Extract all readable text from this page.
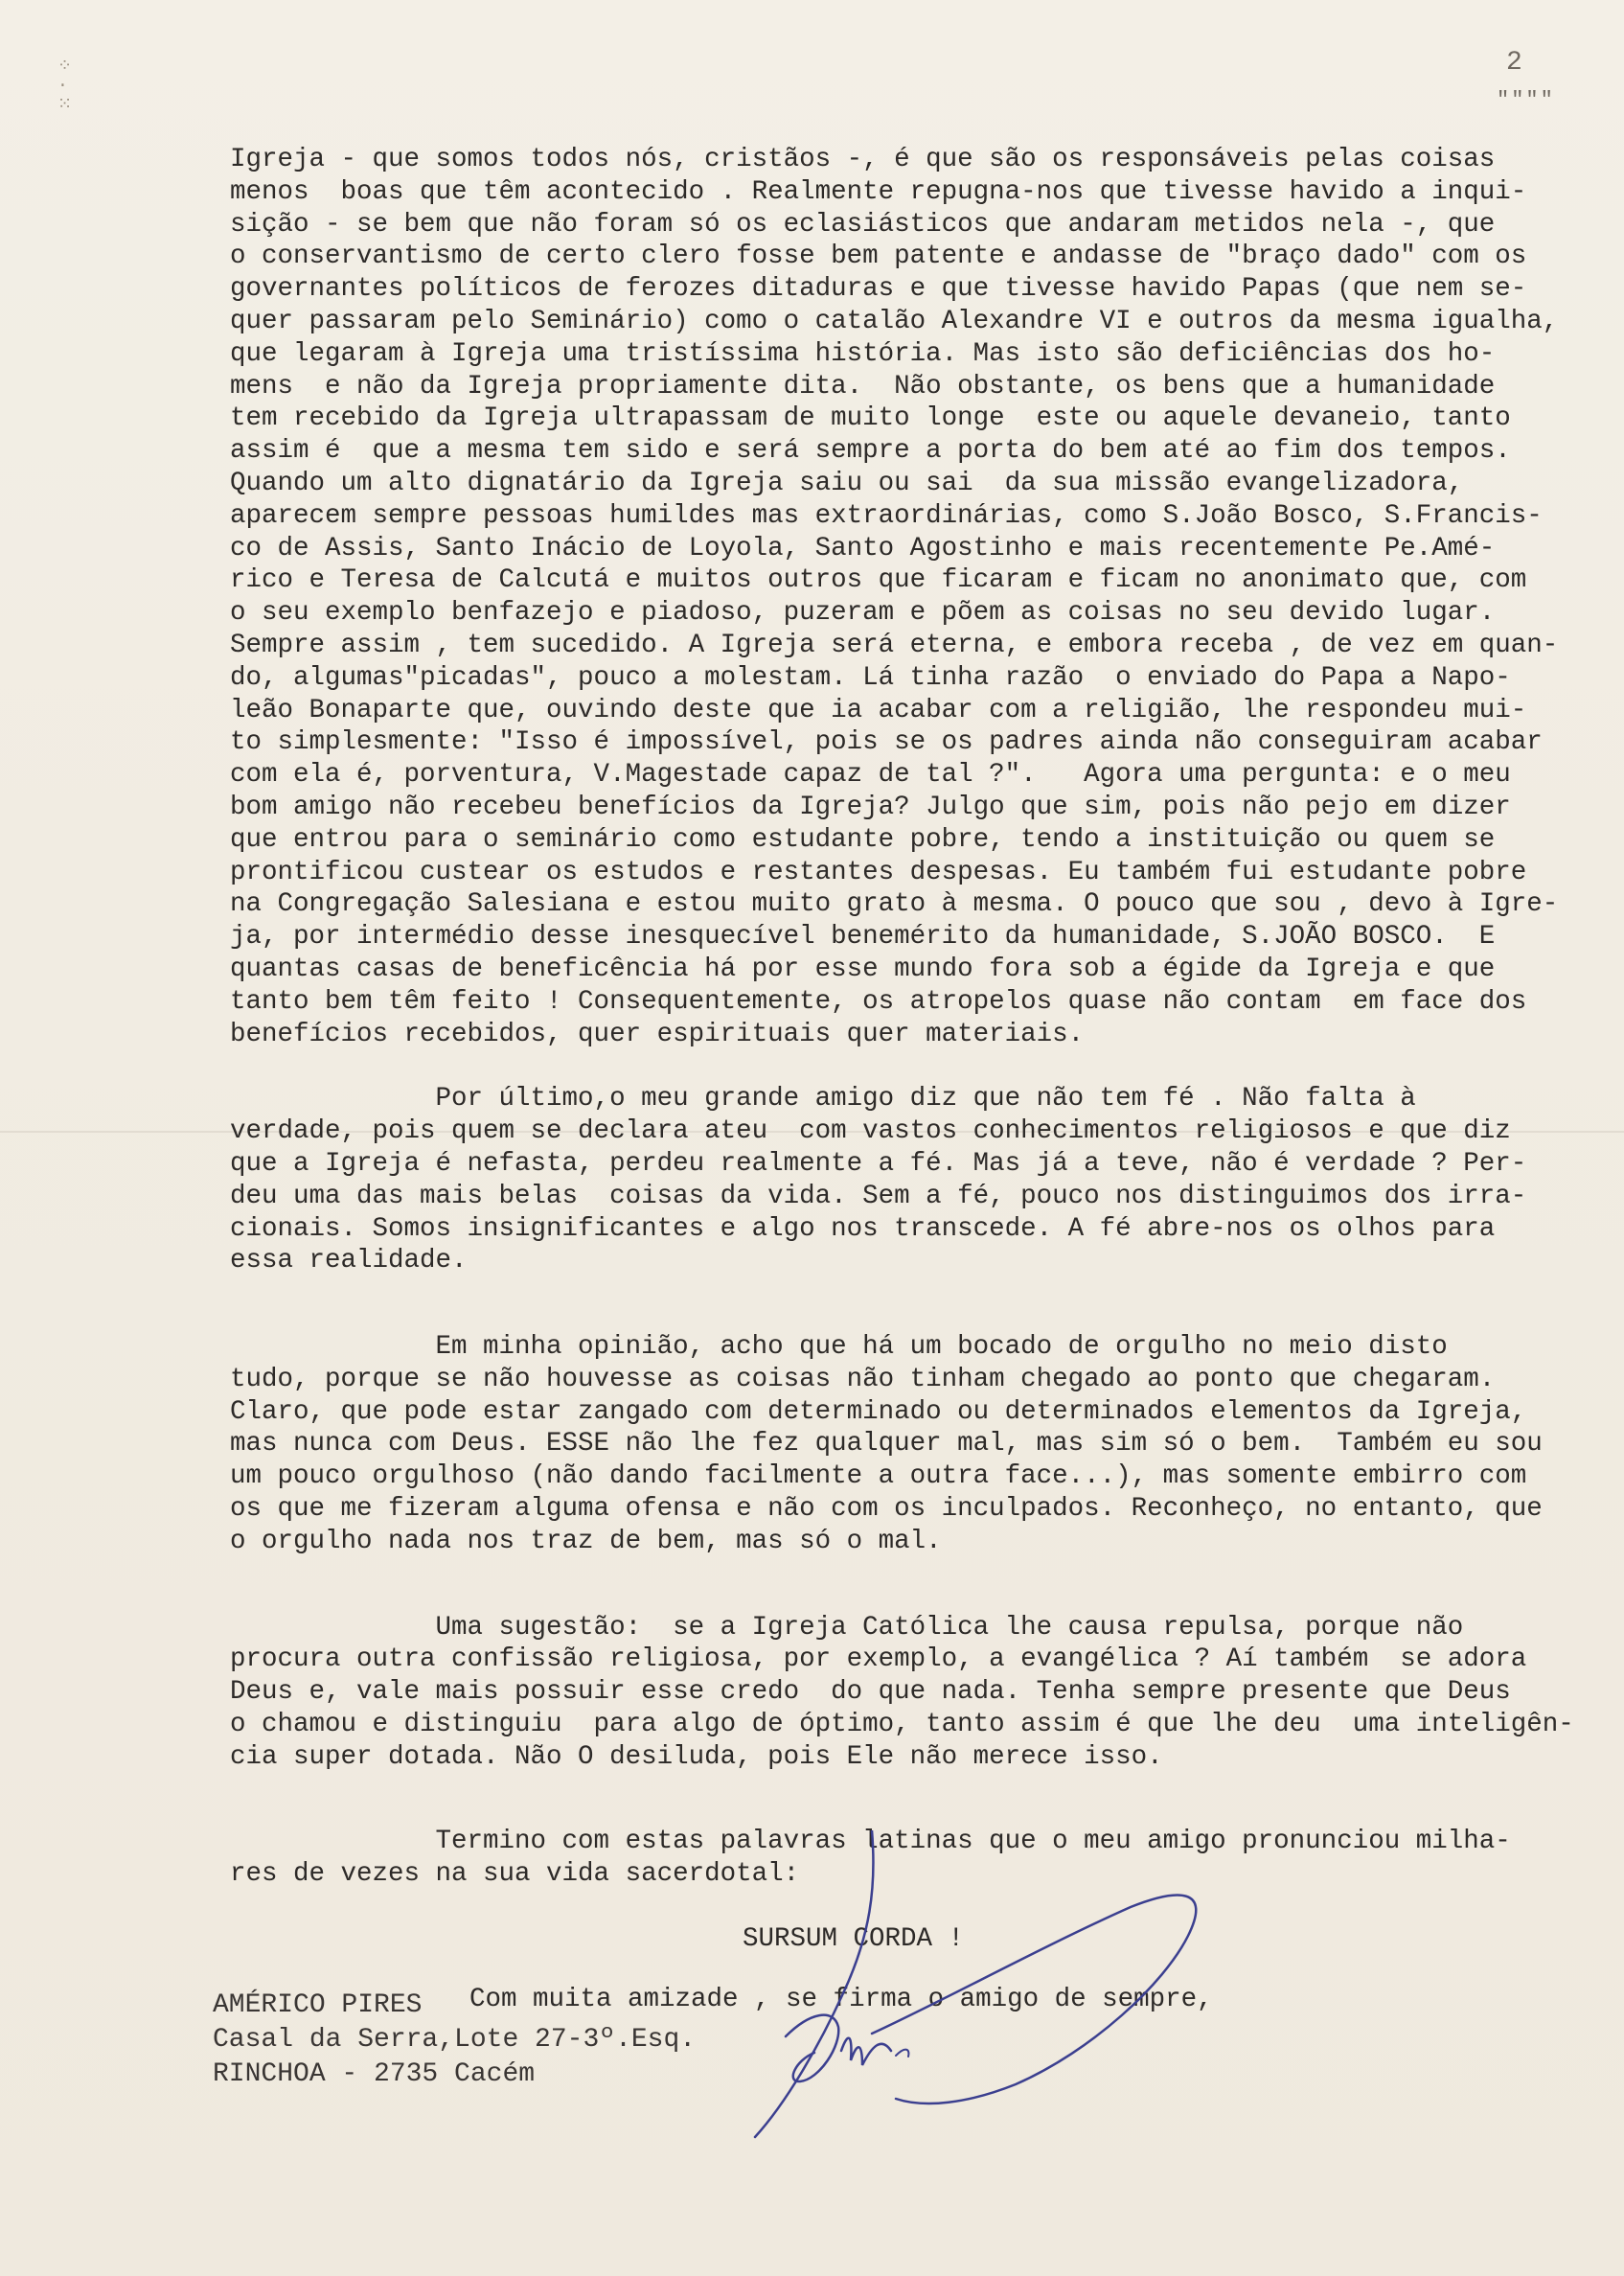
⁘
·
⁙
2
""""
Igreja - que somos todos nós, cristãos -, é que são os responsáveis pelas coisas
menos  boas que têm acontecido . Realmente repugna-nos que tivesse havido a inqui-
sição - se bem que não foram só os eclasiásticos que andaram metidos nela -, que
o conservantismo de certo clero fosse bem patente e andasse de "braço dado" com os
governantes políticos de ferozes ditaduras e que tivesse havido Papas (que nem se-
quer passaram pelo Seminário) como o catalão Alexandre VI e outros da mesma igualha,
que legaram à Igreja uma tristíssima história. Mas isto são deficiências dos ho-
mens  e não da Igreja propriamente dita.  Não obstante, os bens que a humanidade
tem recebido da Igreja ultrapassam de muito longe  este ou aquele devaneio, tanto
assim é  que a mesma tem sido e será sempre a porta do bem até ao fim dos tempos.
Quando um alto dignatário da Igreja saiu ou sai  da sua missão evangelizadora,
aparecem sempre pessoas humildes mas extraordinárias, como S.João Bosco, S.Francis-
co de Assis, Santo Inácio de Loyola, Santo Agostinho e mais recentemente Pe.Amé-
rico e Teresa de Calcutá e muitos outros que ficaram e ficam no anonimato que, com
o seu exemplo benfazejo e piadoso, puzeram e põem as coisas no seu devido lugar.
Sempre assim , tem sucedido. A Igreja será eterna, e embora receba , de vez em quan-
do, algumas"picadas", pouco a molestam. Lá tinha razão  o enviado do Papa a Napo-
leão Bonaparte que, ouvindo deste que ia acabar com a religião, lhe respondeu mui-
to simplesmente: "Isso é impossível, pois se os padres ainda não conseguiram acabar
com ela é, porventura, V.Magestade capaz de tal ?".   Agora uma pergunta: e o meu
bom amigo não recebeu benefícios da Igreja? Julgo que sim, pois não pejo em dizer
que entrou para o seminário como estudante pobre, tendo a instituição ou quem se
prontificou custear os estudos e restantes despesas. Eu também fui estudante pobre
na Congregação Salesiana e estou muito grato à mesma. O pouco que sou , devo à Igre-
ja, por intermédio desse inesquecível benemérito da humanidade, S.JOÃO BOSCO.  E
quantas casas de beneficência há por esse mundo fora sob a égide da Igreja e que
tanto bem têm feito ! Consequentemente, os atropelos quase não contam  em face dos
benefícios recebidos, quer espirituais quer materiais.
Por último,o meu grande amigo diz que não tem fé . Não falta à
verdade, pois quem se declara ateu  com vastos conhecimentos religiosos e que diz
que a Igreja é nefasta, perdeu realmente a fé. Mas já a teve, não é verdade ? Per-
deu uma das mais belas  coisas da vida. Sem a fé, pouco nos distinguimos dos irra-
cionais. Somos insignificantes e algo nos transcede. A fé abre-nos os olhos para
essa realidade.
Em minha opinião, acho que há um bocado de orgulho no meio disto
tudo, porque se não houvesse as coisas não tinham chegado ao ponto que chegaram.
Claro, que pode estar zangado com determinado ou determinados elementos da Igreja,
mas nunca com Deus. ESSE não lhe fez qualquer mal, mas sim só o bem.  Também eu sou
um pouco orgulhoso (não dando facilmente a outra face...), mas somente embirro com
os que me fizeram alguma ofensa e não com os inculpados. Reconheço, no entanto, que
o orgulho nada nos traz de bem, mas só o mal.
Uma sugestão:  se a Igreja Católica lhe causa repulsa, porque não
procura outra confissão religiosa, por exemplo, a evangélica ? Aí também  se adora
Deus e, vale mais possuir esse credo  do que nada. Tenha sempre presente que Deus
o chamou e distinguiu  para algo de óptimo, tanto assim é que lhe deu  uma inteligên-
cia super dotada. Não O desiluda, pois Ele não merece isso.
Termino com estas palavras latinas que o meu amigo pronunciou milha-
res de vezes na sua vida sacerdotal:
SURSUM CORDA !
Com muita amizade , se firma o amigo de sempre,
AMÉRICO PIRES
Casal da Serra,Lote 27-3º.Esq.
RINCHOA - 2735 Cacém
